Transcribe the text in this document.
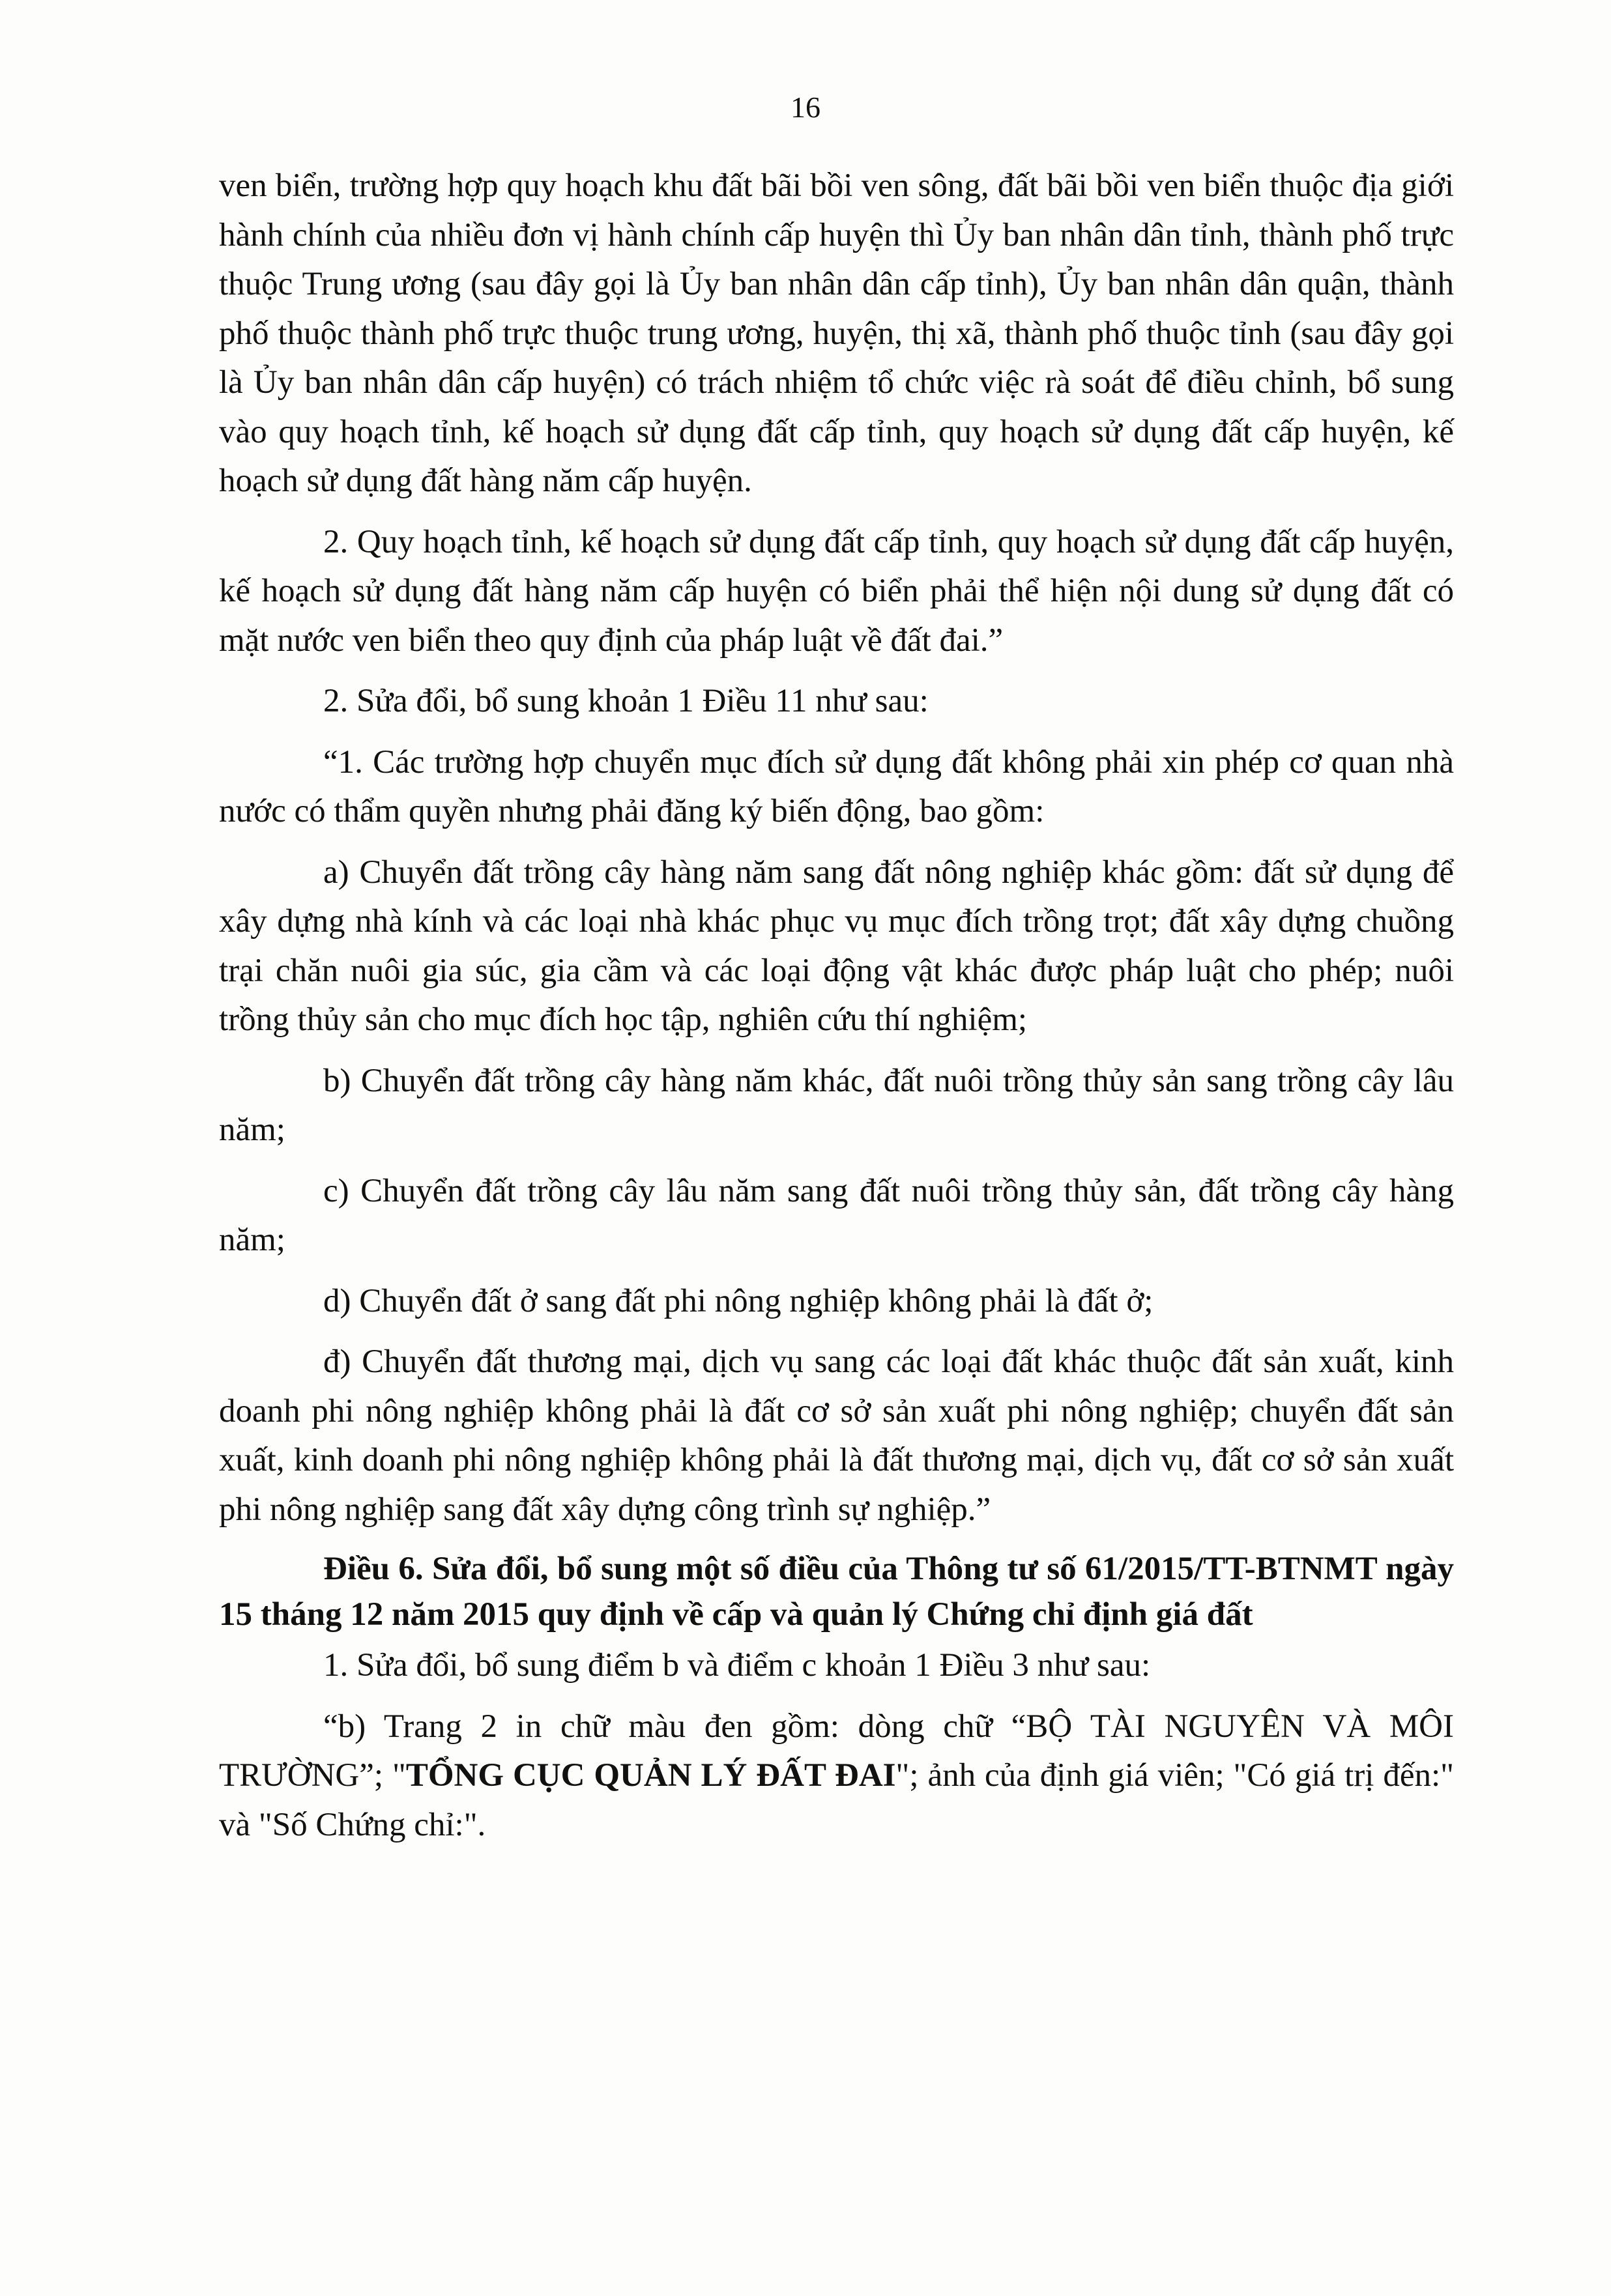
16

ven biển, trường hợp quy hoạch khu đất bãi bồi ven sông, đất bãi bồi ven biển thuộc địa giới hành chính của nhiều đơn vị hành chính cấp huyện thì Ủy ban nhân dân tỉnh, thành phố trực thuộc Trung ương (sau đây gọi là Ủy ban nhân dân cấp tỉnh), Ủy ban nhân dân quận, thành phố thuộc thành phố trực thuộc trung ương, huyện, thị xã, thành phố thuộc tỉnh (sau đây gọi là Ủy ban nhân dân cấp huyện) có trách nhiệm tổ chức việc rà soát để điều chỉnh, bổ sung vào quy hoạch tỉnh, kế hoạch sử dụng đất cấp tỉnh, quy hoạch sử dụng đất cấp huyện, kế hoạch sử dụng đất hàng năm cấp huyện.

2. Quy hoạch tỉnh, kế hoạch sử dụng đất cấp tỉnh, quy hoạch sử dụng đất cấp huyện, kế hoạch sử dụng đất hàng năm cấp huyện có biển phải thể hiện nội dung sử dụng đất có mặt nước ven biển theo quy định của pháp luật về đất đai.”

2. Sửa đổi, bổ sung khoản 1 Điều 11 như sau:

“1. Các trường hợp chuyển mục đích sử dụng đất không phải xin phép cơ quan nhà nước có thẩm quyền nhưng phải đăng ký biến động, bao gồm:

a) Chuyển đất trồng cây hàng năm sang đất nông nghiệp khác gồm: đất sử dụng để xây dựng nhà kính và các loại nhà khác phục vụ mục đích trồng trọt; đất xây dựng chuồng trại chăn nuôi gia súc, gia cầm và các loại động vật khác được pháp luật cho phép; nuôi trồng thủy sản cho mục đích học tập, nghiên cứu thí nghiệm;

b) Chuyển đất trồng cây hàng năm khác, đất nuôi trồng thủy sản sang trồng cây lâu năm;

c) Chuyển đất trồng cây lâu năm sang đất nuôi trồng thủy sản, đất trồng cây hàng năm;

d) Chuyển đất ở sang đất phi nông nghiệp không phải là đất ở;

đ) Chuyển đất thương mại, dịch vụ sang các loại đất khác thuộc đất sản xuất, kinh doanh phi nông nghiệp không phải là đất cơ sở sản xuất phi nông nghiệp; chuyển đất sản xuất, kinh doanh phi nông nghiệp không phải là đất thương mại, dịch vụ, đất cơ sở sản xuất phi nông nghiệp sang đất xây dựng công trình sự nghiệp.”

Điều 6. Sửa đổi, bổ sung một số điều của Thông tư số 61/2015/TT-BTNMT ngày 15 tháng 12 năm 2015 quy định về cấp và quản lý Chứng chỉ định giá đất

1. Sửa đổi, bổ sung điểm b và điểm c khoản 1 Điều 3 như sau:

“b) Trang 2 in chữ màu đen gồm: dòng chữ “BỘ TÀI NGUYÊN VÀ MÔI TRƯỜNG”; "TỔNG CỤC QUẢN LÝ ĐẤT ĐAI"; ảnh của định giá viên; "Có giá trị đến:" và "Số Chứng chỉ:".
